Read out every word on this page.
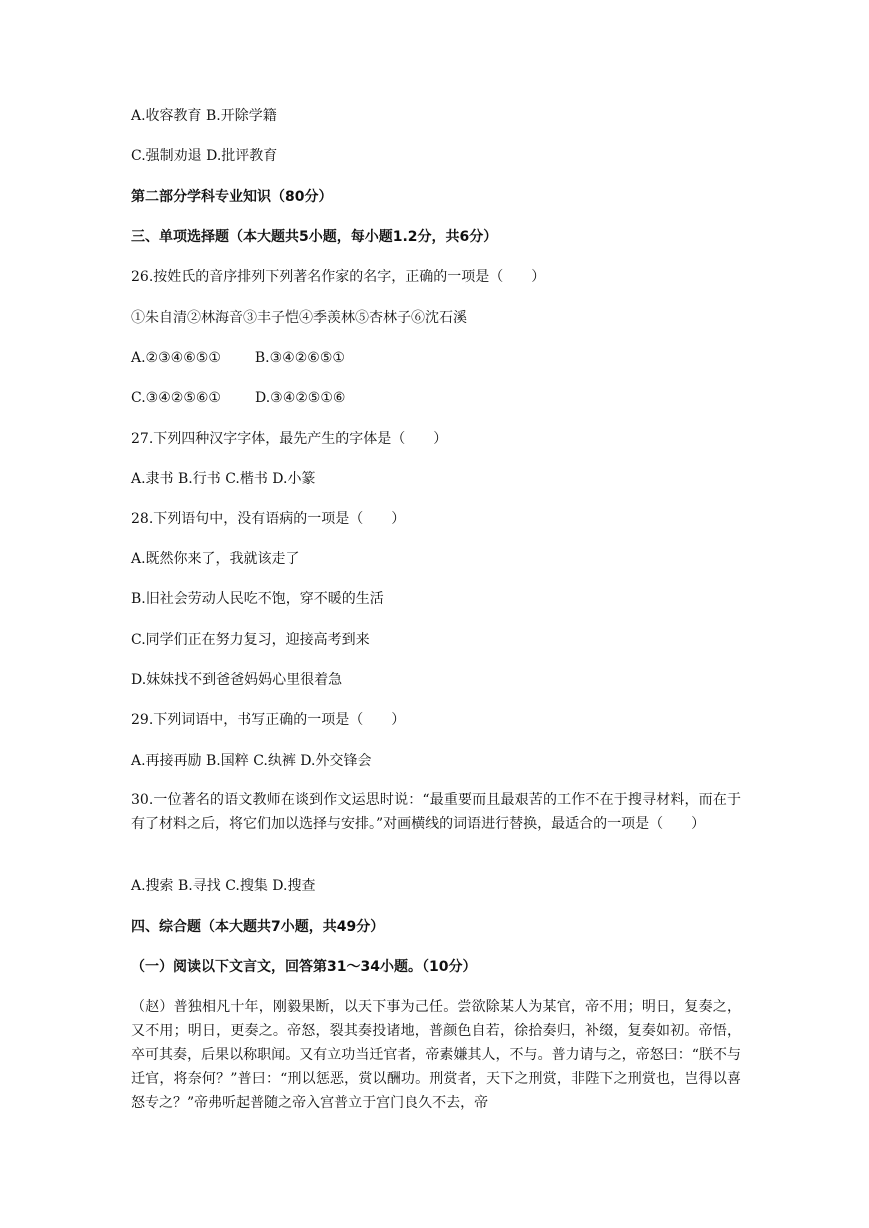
A.收容教育 B.开除学籍

C.强制劝退 D.批评教育

第二部分学科专业知识（80分）

三、单项选择题（本大题共5小题，每小题1.2分，共6分）

26.按姓氏的音序排列下列著名作家的名字，正确的一项是（　　）

①朱自清②林海音③丰子恺④季羡林⑤杏林子⑥沈石溪

A.②③④⑥⑤① B.③④②⑥⑤①

C.③④②⑤⑥① D.③④②⑤①⑥

27.下列四种汉字字体，最先产生的字体是（　　）

A.隶书 B.行书 C.楷书 D.小篆

28.下列语句中，没有语病的一项是（　　）

A.既然你来了，我就该走了

B.旧社会劳动人民吃不饱，穿不暖的生活

C.同学们正在努力复习，迎接高考到来

D.妹妹找不到爸爸妈妈心里很着急

29.下列词语中，书写正确的一项是（　　）

A.再接再励 B.国粹 C.纨裤 D.外交锋会

30.一位著名的语文教师在谈到作文运思时说：“最重要而且最艰苦的工作不在于搜寻材料，而在于有了材料之后，将它们加以选择与安排。”对画横线的词语进行替换，最适合的一项是（　　）

A.搜索 B.寻找 C.搜集 D.搜查

四、综合题（本大题共7小题，共49分）

（一）阅读以下文言文，回答第31～34小题。（10分）

（赵）普独相凡十年，刚毅果断，以天下事为己任。尝欲除某人为某官，帝不用；明日，复奏之，又不用；明日，更奏之。帝怒，裂其奏投诸地，普颜色自若，徐拾奏归，补缀，复奏如初。帝悟，卒可其奏，后果以称职闻。又有立功当迁官者，帝素嫌其人，不与。普力请与之，帝怒曰：“朕不与迁官，将奈何？”普曰：“刑以惩恶，赏以酬功。刑赏者，天下之刑赏，非陛下之刑赏也，岂得以喜怒专之？”帝弗听起普随之帝入宫普立于宫门良久不去，帝
